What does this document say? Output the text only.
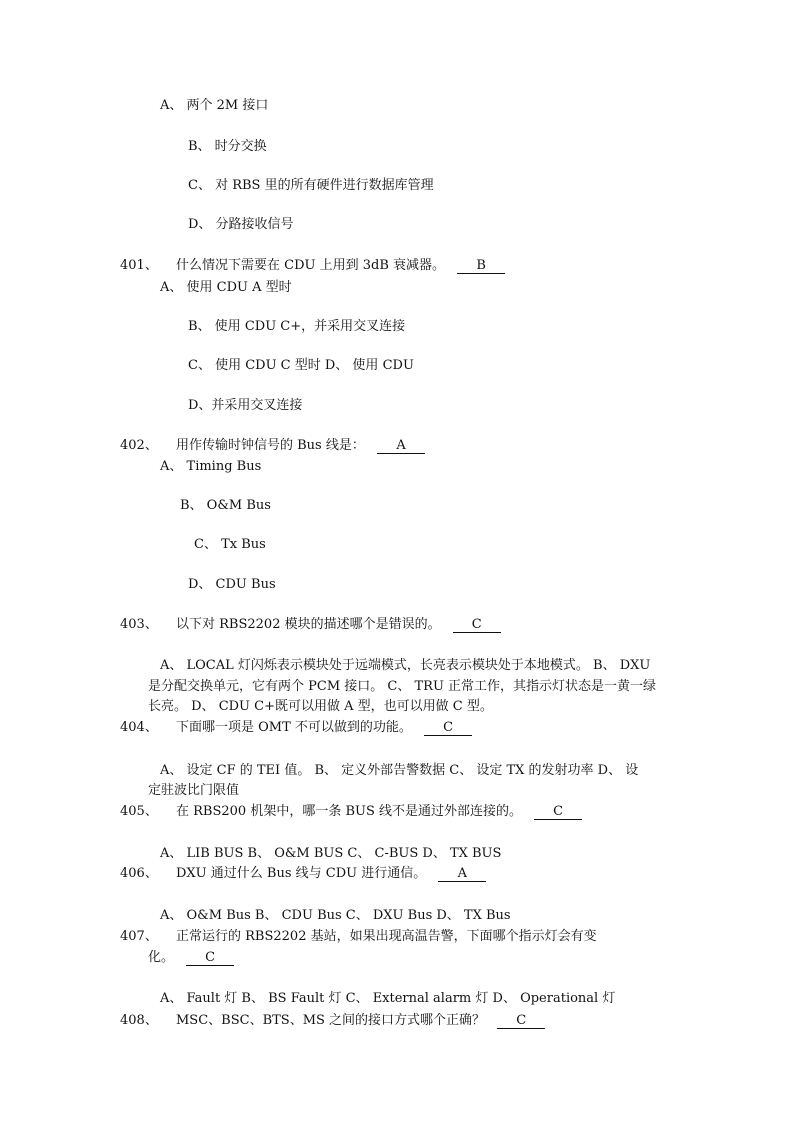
A、 两个 2M 接口
B、 时分交换
C、 对 RBS 里的所有硬件进行数据库管理
D、 分路接收信号
401、 什么情况下需要在 CDU 上用到 3dB 衰减器。 B
A、 使用 CDU A 型时
B、 使用 CDU C+，并采用交叉连接
C、 使用 CDU C 型时 D、 使用 CDU
D、并采用交叉连接
402、 用作传输时钟信号的 Bus 线是： A
A、 Timing Bus
B、 O&M Bus
C、 Tx Bus
D、 CDU Bus
403、 以下对 RBS2202 模块的描述哪个是错误的。 C
A、 LOCAL 灯闪烁表示模块处于远端模式，长亮表示模块处于本地模式。 B、 DXU
是分配交换单元，它有两个 PCM 接口。 C、 TRU 正常工作，其指示灯状态是一黄一绿
长亮。 D、 CDU C+既可以用做 A 型，也可以用做 C 型。
404、 下面哪一项是 OMT 不可以做到的功能。 C
A、 设定 CF 的 TEI 值。 B、 定义外部告警数据 C、 设定 TX 的发射功率 D、 设
定驻波比门限值
405、 在 RBS200 机架中，哪一条 BUS 线不是通过外部连接的。 C
A、 LIB BUS B、 O&M BUS C、 C-BUS D、 TX BUS
406、 DXU 通过什么 Bus 线与 CDU 进行通信。 A
A、 O&M Bus B、 CDU Bus C、 DXU Bus D、 TX Bus
407、 正常运行的 RBS2202 基站，如果出现高温告警，下面哪个指示灯会有变
化。 C
A、 Fault 灯 B、 BS Fault 灯 C、 External alarm 灯 D、 Operational 灯
408、 MSC、BSC、BTS、MS 之间的接口方式哪个正确？ C
